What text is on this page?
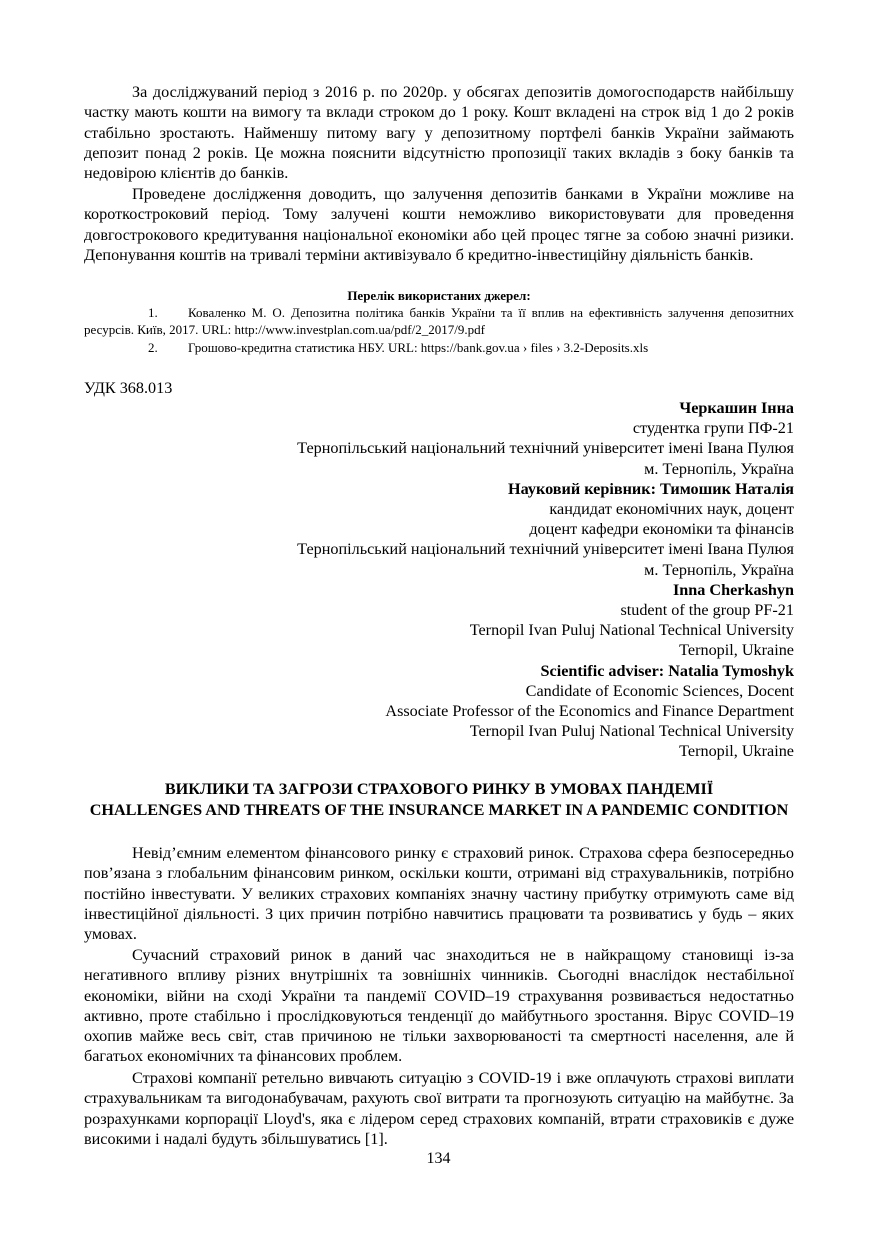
За досліджуваний період з 2016 р. по 2020р. у обсягах депозитів домогосподарств найбільшу частку мають кошти на вимогу та вклади строком до 1 року. Кошт вкладені на строк від 1 до 2 років стабільно зростають. Найменшу питому вагу у депозитному портфелі банків України займають депозит понад 2 років. Це можна пояснити відсутністю пропозиції таких вкладів з боку банків та недовірою клієнтів до банків.

Проведене дослідження доводить, що залучення депозитів банками в України можливе на короткостроковий період. Тому залучені кошти неможливо використовувати для проведення довгострокового кредитування національної економіки або цей процес тягне за собою значні ризики. Депонування коштів на тривалі терміни активізувало б кредитно-інвестиційну діяльність банків.

Перелік використаних джерел:

1. Коваленко М. О. Депозитна політика банків України та її вплив на ефективність залучення депозитних ресурсів. Київ, 2017. URL: http://www.investplan.com.ua/pdf/2_2017/9.pdf

2. Грошово-кредитна статистика НБУ. URL: https://bank.gov.ua › files › 3.2-Deposits.xls

УДК 368.013

Черкашин Інна
студентка групи ПФ-21
Тернопільський національний технічний університет імені Івана Пулюя
м. Тернопіль, Україна
Науковий керівник: Тимошик Наталія
кандидат економічних наук, доцент
доцент кафедри економіки та фінансів
Тернопільський національний технічний університет імені Івана Пулюя
м. Тернопіль, Україна
Inna Cherkashyn
student of the group PF-21
Ternopil Ivan Puluj National Technical University
Ternopil, Ukraine
Scientific adviser: Natalia Tymoshyk
Candidate of Economic Sciences, Docent
Associate Professor of the Economics and Finance Department
Ternopil Ivan Puluj National Technical University
Ternopil, Ukraine
ВИКЛИКИ ТА ЗАГРОЗИ СТРАХОВОГО РИНКУ В УМОВАХ ПАНДЕМІЇ
CHALLENGES AND THREATS OF THE INSURANCE MARKET IN A PANDEMIC CONDITION

Невід’ємним елементом фінансового ринку є страховий ринок. Страхова сфера безпосередньо пов’язана з глобальним фінансовим ринком, оскільки кошти, отримані від страхувальників, потрібно постійно інвестувати. У великих страхових компаніях значну частину прибутку отримують саме від інвестиційної діяльності. З цих причин потрібно навчитись працювати та розвиватись у будь – яких умовах.

Сучасний страховий ринок в даний час знаходиться не в найкращому становищі із-за негативного впливу різних внутрішніх та зовнішніх чинників. Сьогодні внаслідок нестабільної економіки, війни на сході України та пандемії COVID–19 страхування розвивається недостатньо активно, проте стабільно і прослідковуються тенденції до майбутнього зростання. Вірус COVID–19 охопив майже весь світ, став причиною не тільки захворюваності та смертності населення, але й багатьох економічних та фінансових проблем.

Страхові компанії ретельно вивчають ситуацію з COVID-19 і вже оплачують страхові виплати страхувальникам та вигодонабувачам, рахують свої витрати та прогнозують ситуацію на майбутнє. За розрахунками корпорації Lloyd's, яка є лідером серед страхових компаній, втрати страховиків є дуже високими і надалі будуть збільшуватись [1].

134
